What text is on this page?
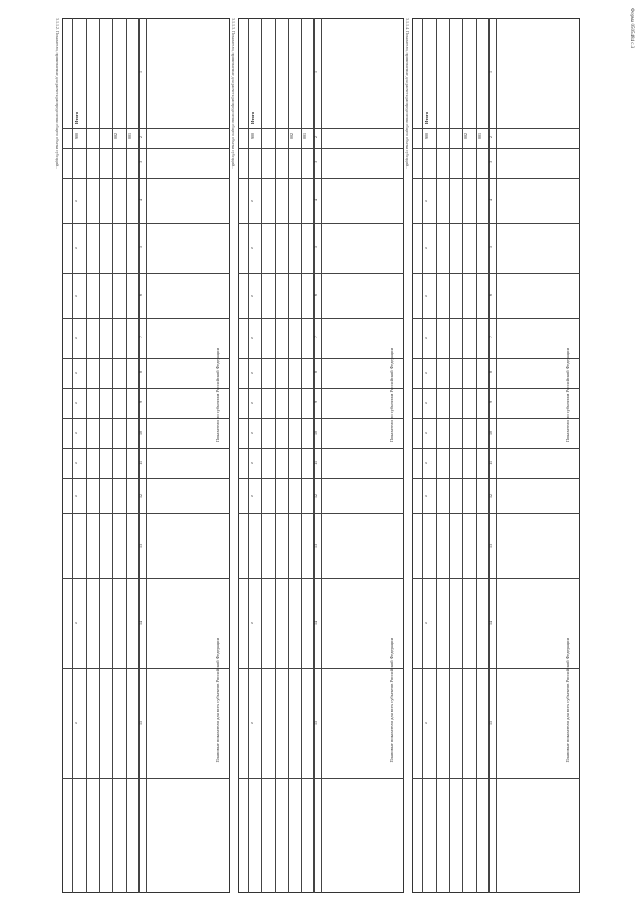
Форма 0505484 с.3
3.1.1.2. Показатели, применяемые для расчета распределения общего объема субсидий...	3.1.1.3. Показатели, применяемые для расчета распределения общего объема субсидий...	3.1.1.4. Показатели, применяемые для расчета распределения общего объема субсидий...
Показатели по субъектам Российской Федерации
Плановые показатели для всех субъектов Российской Федерации
1
2
3
4
5
6
7
8
9
10
11
12
13
14
15
001
002
Итого
900
x
x
x
x
x
x
x
x
x
x
x
Показатели по субъектам Российской Федерации
Плановые показатели для всех субъектов Российской Федерации
1
2
3
4
5
6
7
8
9
10
11
12
13
14
15
001
002
Итого
900
x
x
x
x
x
x
x
x
x
x
x
Показатели по субъектам Российской Федерации
Плановые показатели для всех субъектов Российской Федерации
1
2
3
4
5
6
7
8
9
10
11
12
13
14
15
001
002
Итого
900
x
x
x
x
x
x
x
x
x
x
x
